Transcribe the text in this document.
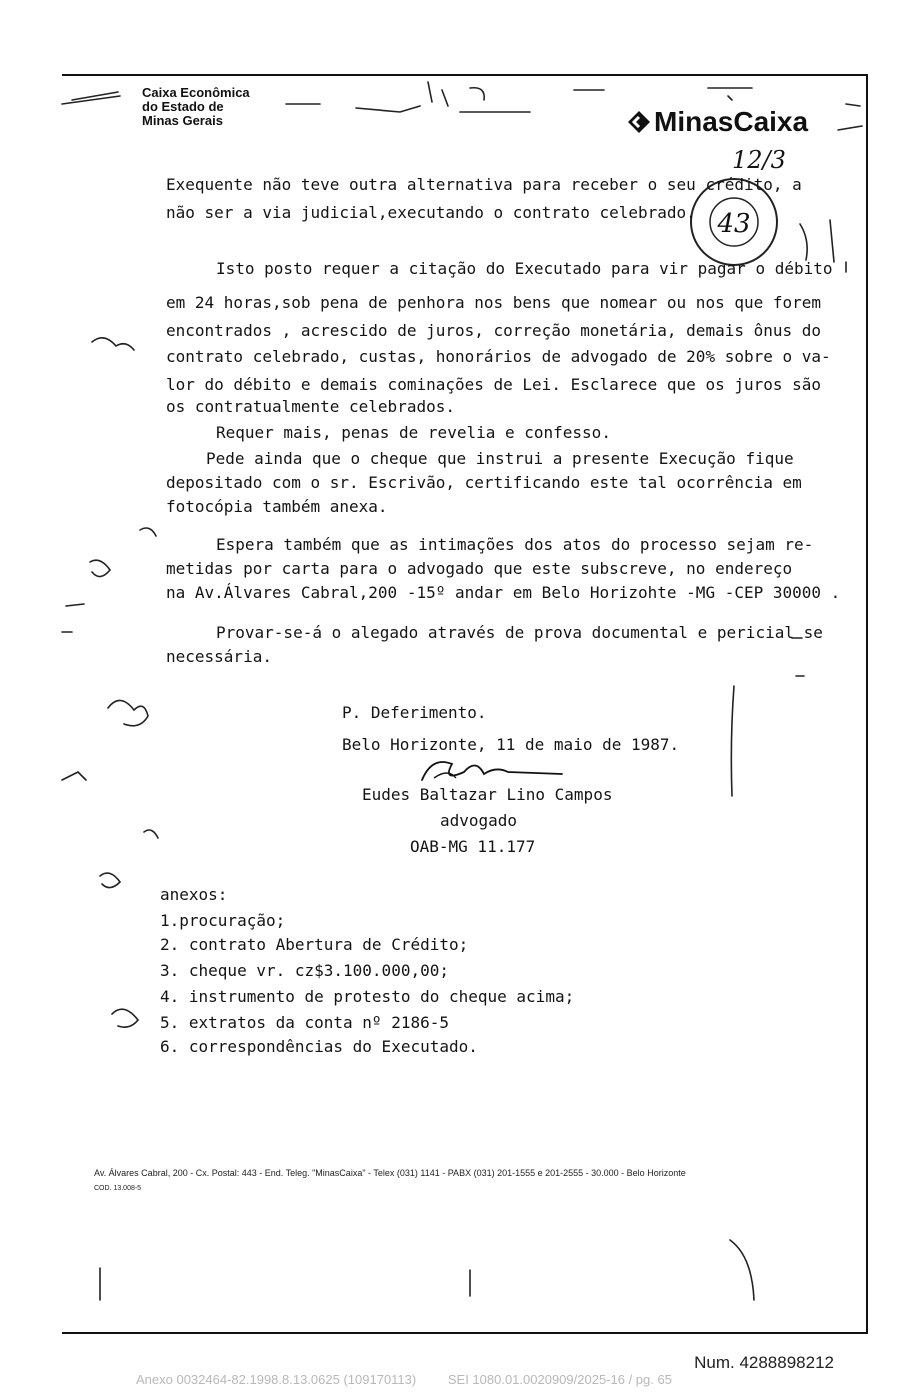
Caixa Econômica
do Estado de
Minas Gerais	MinasCaixa
12/3
43
Exequente não teve outra alternativa para receber o seu crédito, a
não ser a via judicial,executando o contrato celebrado.
Isto posto requer a citação do Executado para vir pagar o débito
em 24 horas,sob pena de penhora nos bens que nomear ou nos que forem
encontrados , acrescido de juros, correção monetária, demais ônus do
contrato celebrado, custas, honorários de advogado de 20% sobre o va-
lor do débito e demais cominações de Lei. Esclarece que os juros são
os contratualmente celebrados.
Requer mais, penas de revelia e confesso.
Pede ainda que o cheque que instrui a presente Execução fique
depositado com o sr. Escrivão, certificando este tal ocorrência em
fotocópia também anexa.
Espera também que as intimações dos atos do processo sejam re-
metidas por carta para o advogado que este subscreve, no endereço
na Av.Álvares Cabral,200 -15º andar em Belo Horizohte -MG -CEP 30000 .
Provar-se-á o alegado através de prova documental e pericial se
necessária.
P. Deferimento.
Belo Horizonte, 11 de maio de 1987.
Eudes Baltazar Lino Campos
advogado
OAB-MG 11.177
anexos:
1.procuração;
2. contrato Abertura de Crédito;
3. cheque vr. cz$3.100.000,00;
4. instrumento de protesto do cheque acima;
5. extratos da conta nº 2186-5
6. correspondências do Executado.
Av. Álvares Cabral, 200 - Cx. Postal: 443 - End. Teleg. "MinasCaixa" - Telex (031) 1141 - PABX (031) 201-1555 e 201-2555 - 30.000 - Belo Horizonte
COD. 13.008-5
Num. 4288898212
Anexo 0032464-82.1998.8.13.0625 (109170113) SEI 1080.01.0020909/2025-16 / pg. 65
